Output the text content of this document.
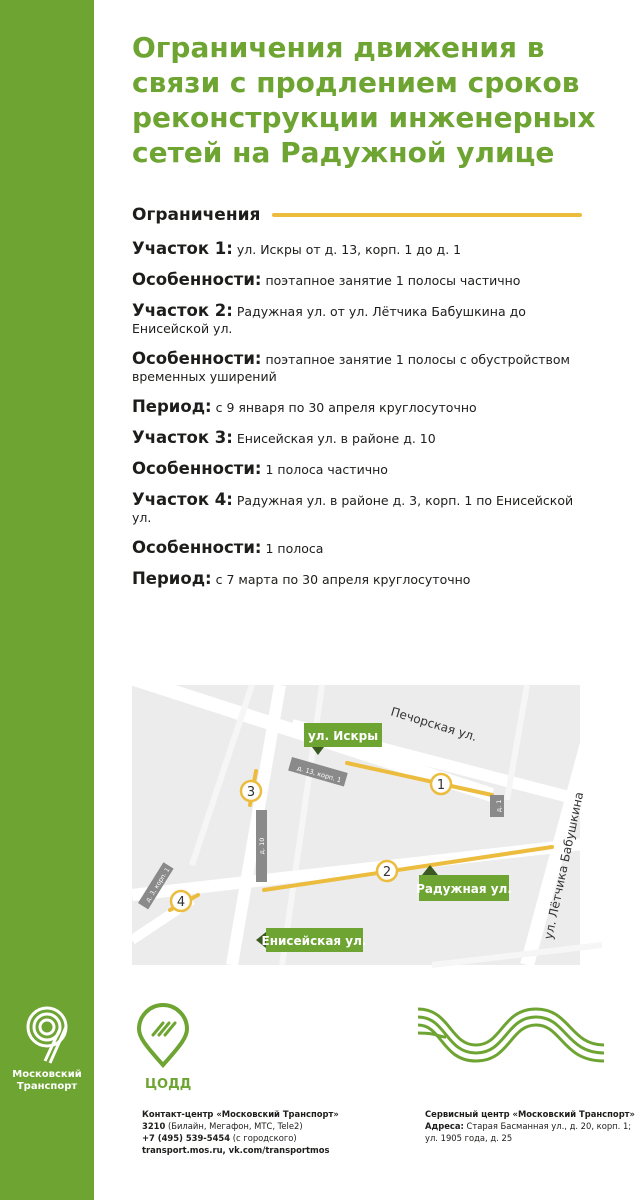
Московский Транспорт
Ограничения движения в связи с продлением сроков реконструкции инженерных сетей на Радужной улице
Ограничения
Участок 1: ул. Искры от д. 13, корп. 1 до д. 1
Особенности: поэтапное занятие 1 полосы частично
Участок 2: Радужная ул. от ул. Лётчика Бабушкина до Енисейской ул.
Особенности: поэтапное занятие 1 полосы с обустройством временных уширений
Период: с 9 января по 30 апреля круглосуточно
Участок 3: Енисейская ул. в районе д. 10
Особенности: 1 полоса частично
Участок 4: Радужная ул. в районе д. 3, корп. 1 по Енисейской ул.
Особенности: 1 полоса
Период: с 7 марта по 30 апреля круглосуточно
д. 13, корп. 1
д. 1
д. 10
д. 3, корп. 1
Печорская ул.
ул. Лётчика Бабушкина
ул. Искры
Радужная ул.
Енисейская ул.
1
2
3
4
ЦОДД
Контакт-центр «Московский Транспорт»
3210 (Билайн, Мегафон, МТС, Tele2)
+7 (495) 539-5454 (с городского)
transport.mos.ru, vk.com/transportmos
Сервисный центр «Московский Транспорт»
Адреса: Старая Басманная ул., д. 20, корп. 1;
ул. 1905 года, д. 25
